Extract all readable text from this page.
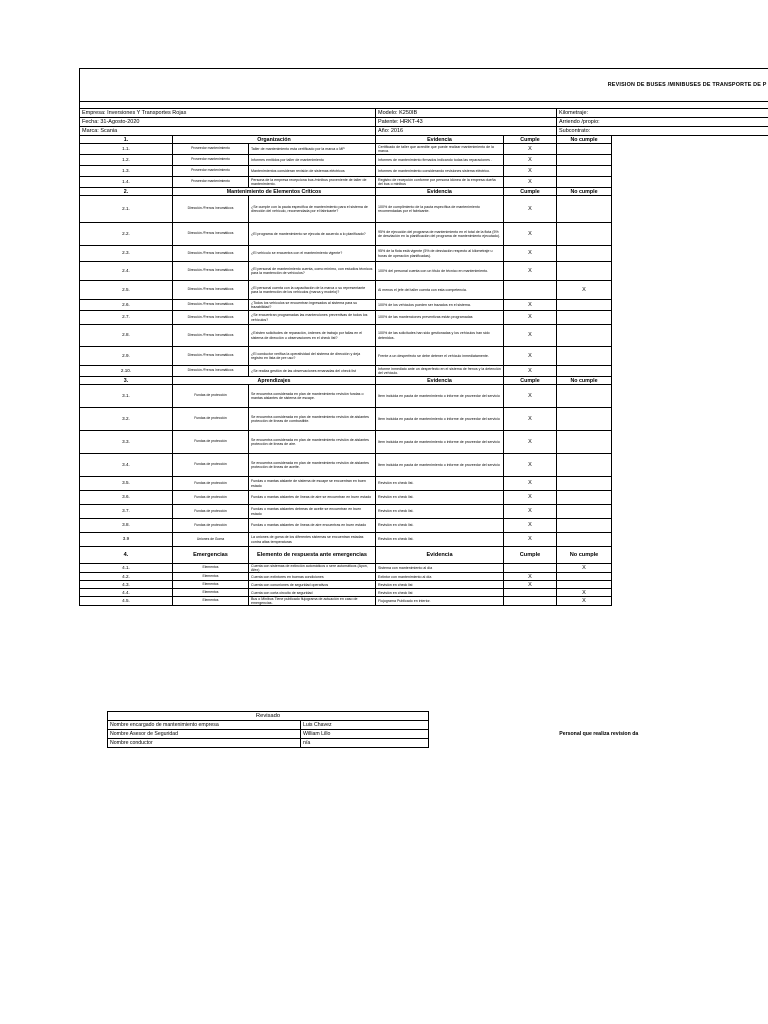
REVISION DE BUSES /MINIBUSES DE TRANSPORTE DE P						

Empresa: Inversiones Y Transportes Rojas			Modelo: K250IB		Kilometraje:	
Fecha: 31-Agosto-2020			Patente: HRKT-43		Arriendo /propio:	
Marca: Scania			Año: 2016		Subcontrato:	
1.	Organización		Evidencia	Cumple	No cumple	
1.1.	Proveedor mantenimiento	Taller de mantenimiento esta certificado por la marca o MP	Certificado de taller que acredite que puede realizar mantenimiento de la marca.	X		
1.2.	Proveedor mantenimiento	Informes emitidos por taller de mantenimiento	Informes de mantenimiento firmados indicando todas las reparaciones .	X		
1.3.	Proveedor mantenimiento	Mantenimientos consideran revisión de sistemas eléctricos	Informes de mantenimiento considerando revisiones sistema eléctrico.	X		
1.4.	Proveedor mantenimiento	Persona de la empresa recepciona bus /minibus proveniente de taller de mantenimiento.	Registro de recepción conforme por persona idónea de la empresa dueña del bus o minibus	X		
2.	Mantenimiento de Elementos Críticos		Evidencia	Cumple	No cumple	
2.1.	Dirección /Frenos /neumáticos	¿Se cumple con la pauta específica de mantenimiento para el sistema de dirección del vehículo, recomendada por el fabricante?	100% de cumplimiento de la pauta específica de mantenimiento recomendadas por el fabricante.	X		
2.2.	Dirección /Frenos /neumáticos	¿El programa de mantenimiento se ejecuta de acuerdo a lo planificado?	95% de ejecución del programa de mantenimiento en el total de la flota (5% de desviación en la planificación del programa de mantenimiento ejecutado).	X		
2.3.	Dirección /Frenos /neumáticos	¿El vehículo se encuentra con el mantenimiento vigente?	95% de la flota está vigente (5% de desviación respecto al kilometraje u horas de operación planificadas).	X		
2.4.	Dirección /Frenos /neumáticos	¿El personal de mantenimiento cuenta, como mínimo, con estudios técnicos para la mantención de vehículos?	100% del personal cuenta con un título de técnico en mantenimiento.	X		
2.5.	Dirección /Frenos /neumáticos	¿El personal cuenta con la capacitación de la marca o su representante para la mantención de los vehículos (marca y modelo)?	Al menos el jefe del taller cuenta con esta competencia.		X	
2.6.	Dirección /Frenos /neumáticos	¿Todos los vehículos se encuentran ingresados al sistema para su trazabilidad?	100% de los vehículos pueden ser trazados en el sistema.	X		
2.7.	Dirección /Frenos /neumáticos	¿Se encuentran programadas las mantenciones preventivas de todos los vehículos?	100% de las mantenciones preventivas están programadas	X		
2.8.	Dirección /Frenos /neumáticos	¿Existen solicitudes de reparación, órdenes de trabajo por fallas en el sistema de dirección u observaciones en el check list?	100% de las solicitudes han sido gestionadas y los vehículos han sido detenidos.	X		
2.9.	Dirección /Frenos /neumáticos	¿El conductor verifica la operatividad del sistema de dirección y deja registro en lista de pre uso?	Frente a un desperfecto se debe detener el vehículo inmediatamente.	X		
2.10.	Dirección /Frenos /neumáticos	¿Se realiza gestión de las observaciones emanadas del check list	Informe inmediato ante un desperfecto en el sistema de frenos y la detención del vehículo.	X		
3.	Aprendizajes		Evidencia	Cumple	No cumple	
3.1.	Fundas de protección	Se encuentra considerada en plan de mantenimiento revisión fundas o mantas aislantes de sistema de escape.	Item incluida en pauta de mantenimiento o informe de proveedor del servicio	X		
3.2.	Fundas de protección	Se encuentra considerada en plan de mantenimiento revisión de aislantes protección de líneas de combustible.	Item incluida en pauta de mantenimiento o informe de proveedor del servicio	X		
3.3.	Fundas de protección	Se encuentra considerada en plan de mantenimiento revisión de aislantes protección de líneas de aire.	Item incluida en pauta de mantenimiento o informe de proveedor del servicio	X		
3.4.	Fundas de protección	Se encuentra considerada en plan de mantenimiento revisión de aislantes protección de líneas de aceite.	Item incluida en pauta de mantenimiento o informe de proveedor del servicio	X		
3.5.	Fundas de protección	Fundas o mantas aislante de sistema de escape se encuentran en buen estado	Revisión en check list.	X		
3.6.	Fundas de protección	Fundas o mantas aislantes de líneas de aire se encuentran en buen estado	Revisión en check list.	X		
3.7.	Fundas de protección	Fundas o mantas aislantes debreas de aceite se encuentran en buen estado	Revisión en check list.	X		
3.8.	Fundas de protección	Fundas o mantas aislantes de líneas de aire encuentras en buen estado	Revisión en check list.	X		
3.9	Uniones de Goma	La uniones de goma de los diferentes sistemas se encuentran estadas contra altas temperaturas	Revisión en check list.	X		
4.	Emergencias	Elemento de respuesta ante emergencias	Evidencia	Cumple	No cumple	
4.1.	Elementos	Cuenta con sistemas de extinción automáticos o sere automáticos (Ayon, Afex)	Sistema con mantenimiento al día		X	
4.2.	Elementos	Cuenta con extintores en buenas condiciones	Extintor con mantenimiento al día	X		
4.3.	Elementos	Cuenta con conuniones de seguridad operativos	Revisión en check list	X		
4.4.	Elementos	Cuenta con corta circuito de seguridad	Revisión en check list		X	
4.5.	Elementos	Bus o Minibus Tiene publicado flujograma de actuación en caso de emergencias.	Flujograma Publicado en interior.		X	
Revisado		
Nombre encargado de mantenimiento empresa	Luis Chavez	Personal que realiza revision da
Nombre Asesor de Seguridad	William Lillo	
Nombre conductor	n/a	
